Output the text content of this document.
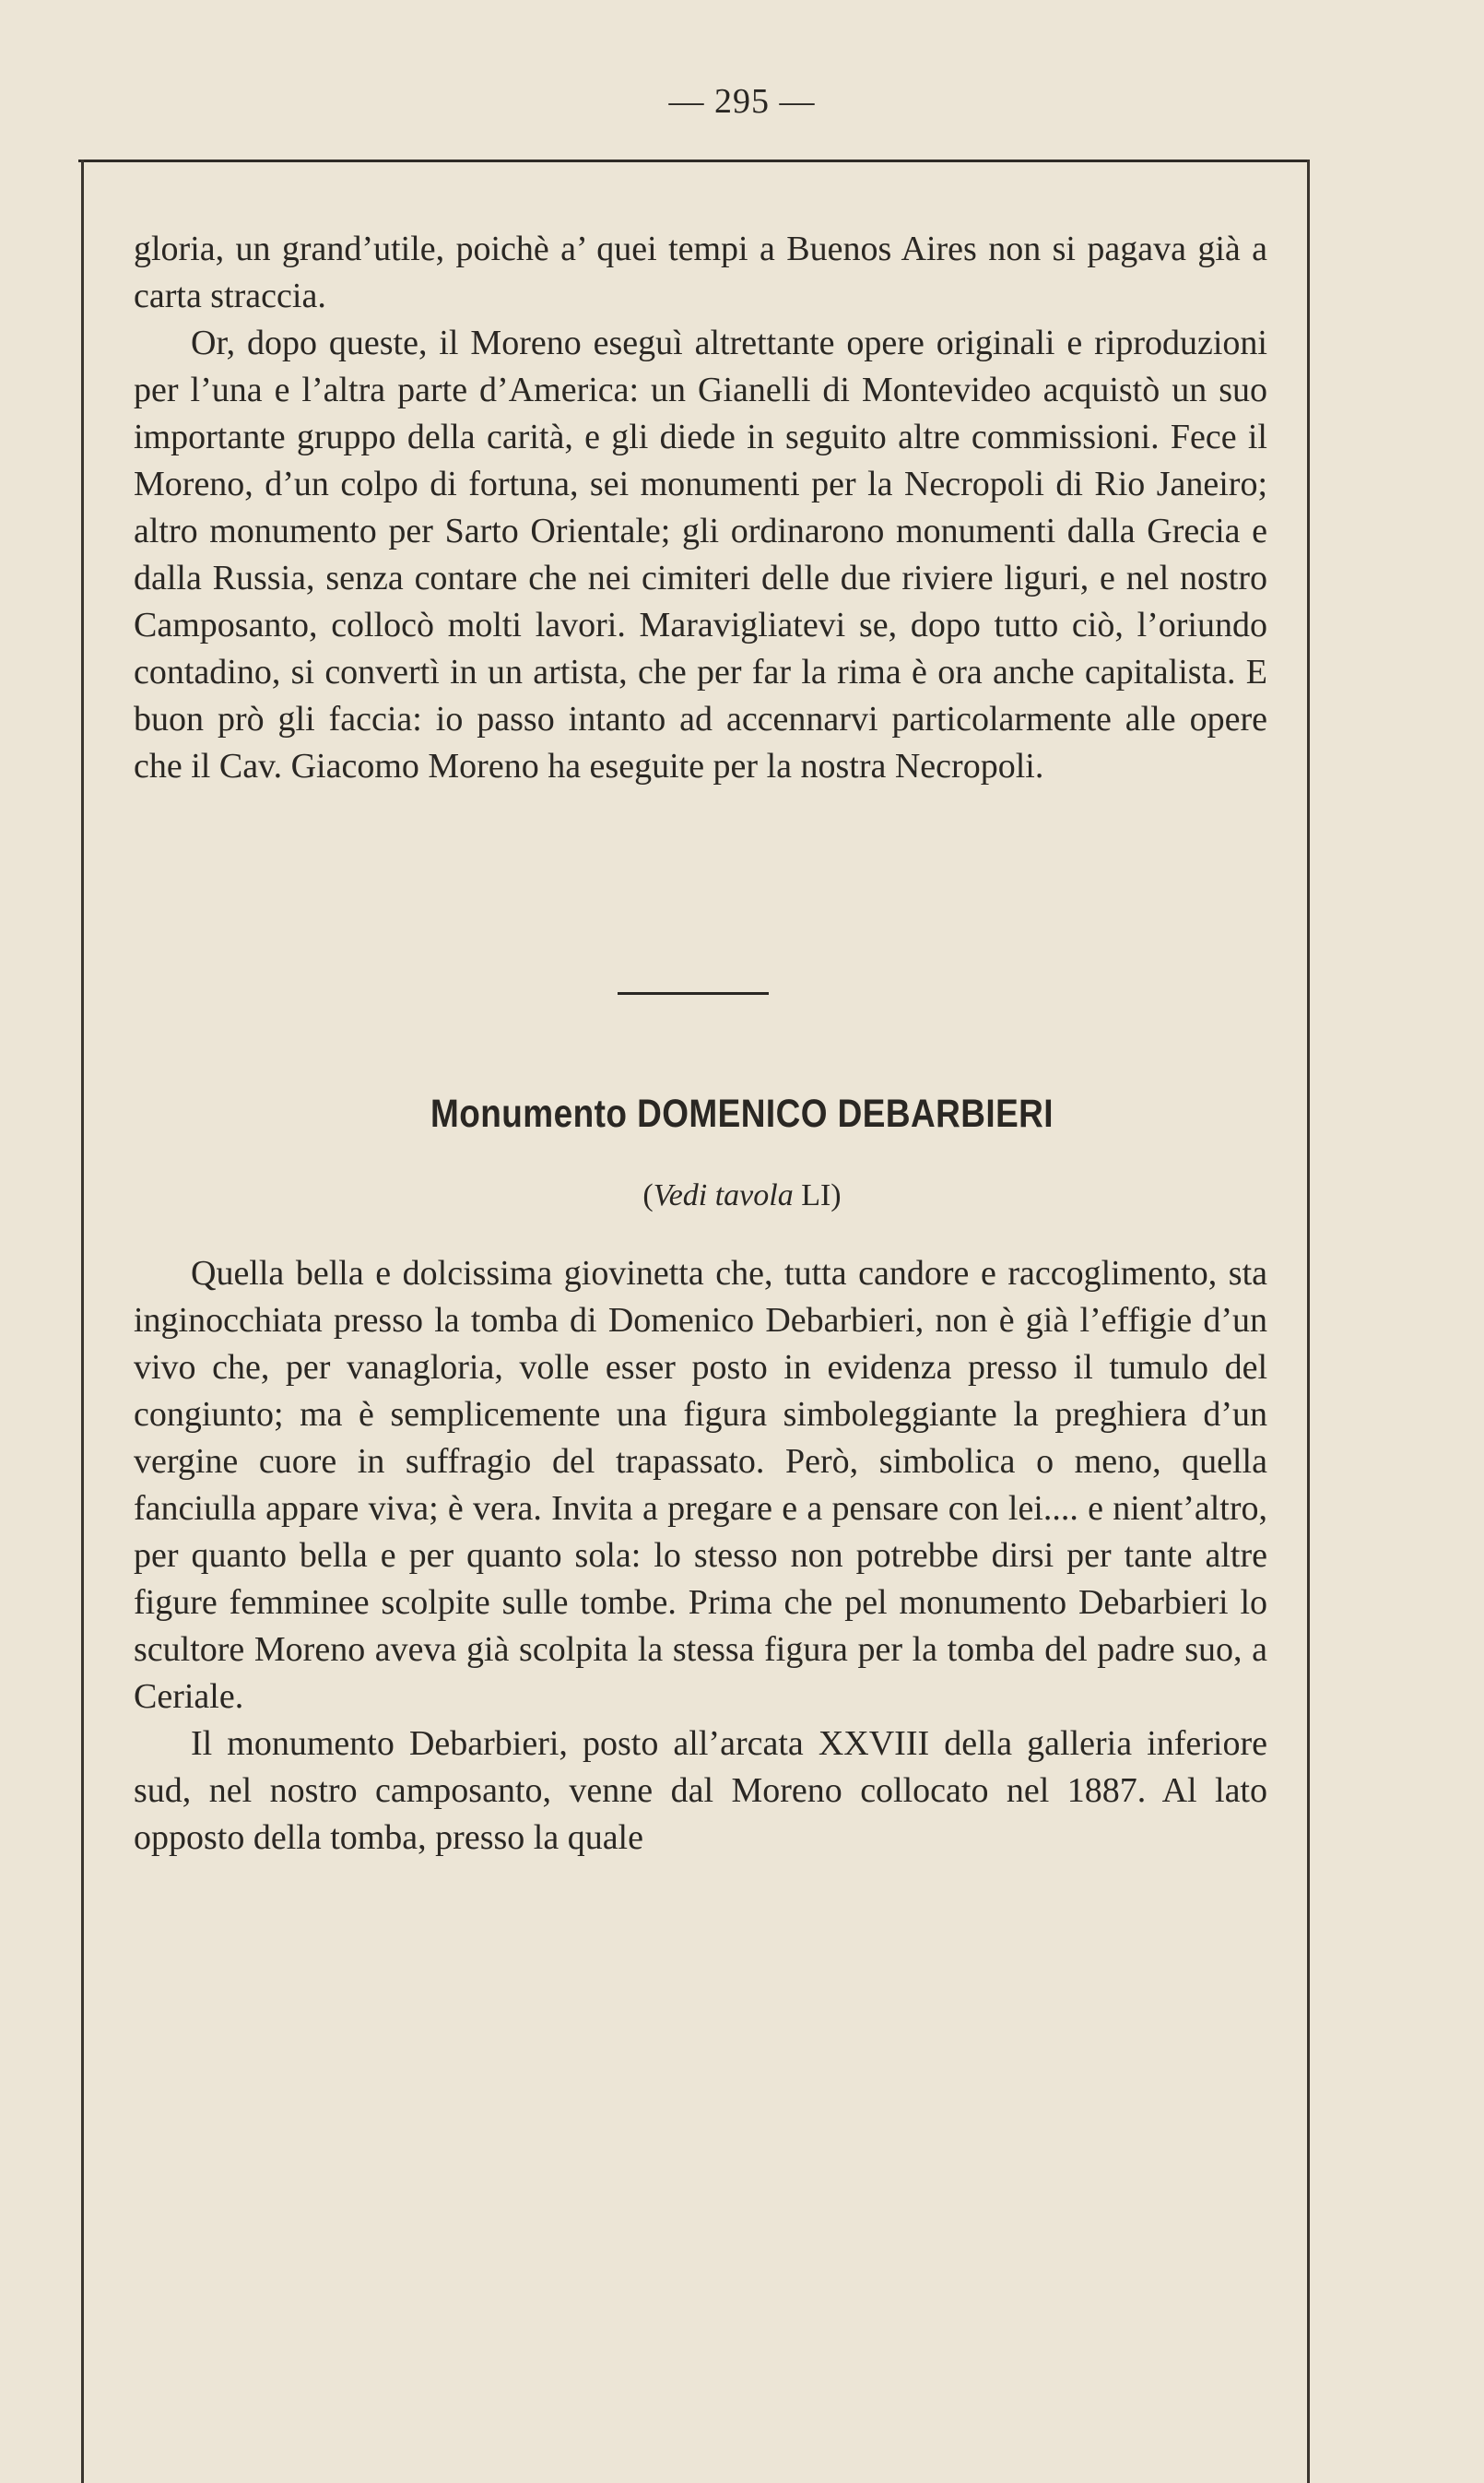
— 295 —

gloria, un grand’utile, poichè a’ quei tempi a Buenos Aires non si pagava già a carta straccia.

Or, dopo queste, il Moreno eseguì altrettante opere originali e riproduzioni per l’una e l’altra parte d’America: un Gianelli di Montevideo acquistò un suo importante gruppo della carità, e gli diede in seguito altre commissioni. Fece il Moreno, d’un colpo di fortuna, sei monumenti per la Necropoli di Rio Janeiro; altro monumento per Sarto Orientale; gli ordinarono monumenti dalla Grecia e dalla Russia, senza contare che nei cimiteri delle due riviere liguri, e nel nostro Camposanto, collocò molti lavori. Maravigliatevi se, dopo tutto ciò, l’oriundo contadino, si convertì in un artista, che per far la rima è ora anche capitalista. E buon prò gli faccia: io passo intanto ad accennarvi particolarmente alle opere che il Cav. Giacomo Moreno ha eseguite per la nostra Necropoli.

Monumento DOMENICO DEBARBIERI
(Vedi tavola LI)

Quella bella e dolcissima giovinetta che, tutta candore e raccoglimento, sta inginocchiata presso la tomba di Domenico Debarbieri, non è già l’effigie d’un vivo che, per vanagloria, volle esser posto in evidenza presso il tumulo del congiunto; ma è semplicemente una figura simboleggiante la preghiera d’un vergine cuore in suffragio del trapassato. Però, simbolica o meno, quella fanciulla appare viva; è vera. Invita a pregare e a pensare con lei.... e nient’altro, per quanto bella e per quanto sola: lo stesso non potrebbe dirsi per tante altre figure femminee scolpite sulle tombe. Prima che pel monumento Debarbieri lo scultore Moreno aveva già scolpita la stessa figura per la tomba del padre suo, a Ceriale.

Il monumento Debarbieri, posto all’arcata XXVIII della galleria inferiore sud, nel nostro camposanto, venne dal Moreno collocato nel 1887. Al lato opposto della tomba, presso la quale
